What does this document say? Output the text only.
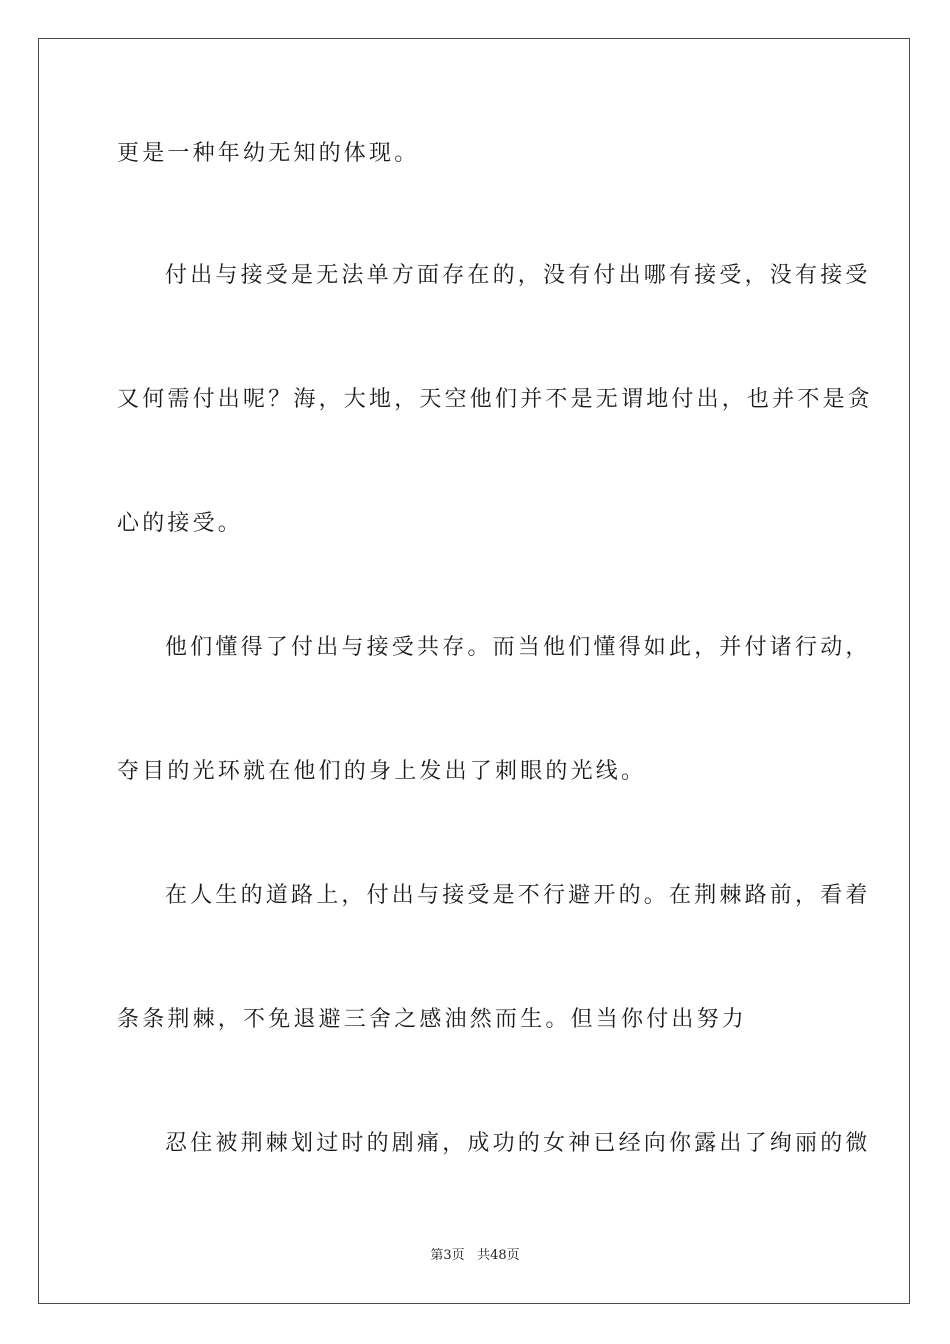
更是一种年幼无知的体现。
付出与接受是无法单方面存在的，没有付出哪有接受，没有接受
又何需付出呢？海，大地，天空他们并不是无谓地付出，也并不是贪
心的接受。
他们懂得了付出与接受共存。而当他们懂得如此，并付诸行动，
夺目的光环就在他们的身上发出了刺眼的光线。
在人生的道路上，付出与接受是不行避开的。在荆棘路前，看着
条条荆棘，不免退避三舍之感油然而生。但当你付出努力
忍住被荆棘划过时的剧痛，成功的女神已经向你露出了绚丽的微
第3页 共48页
